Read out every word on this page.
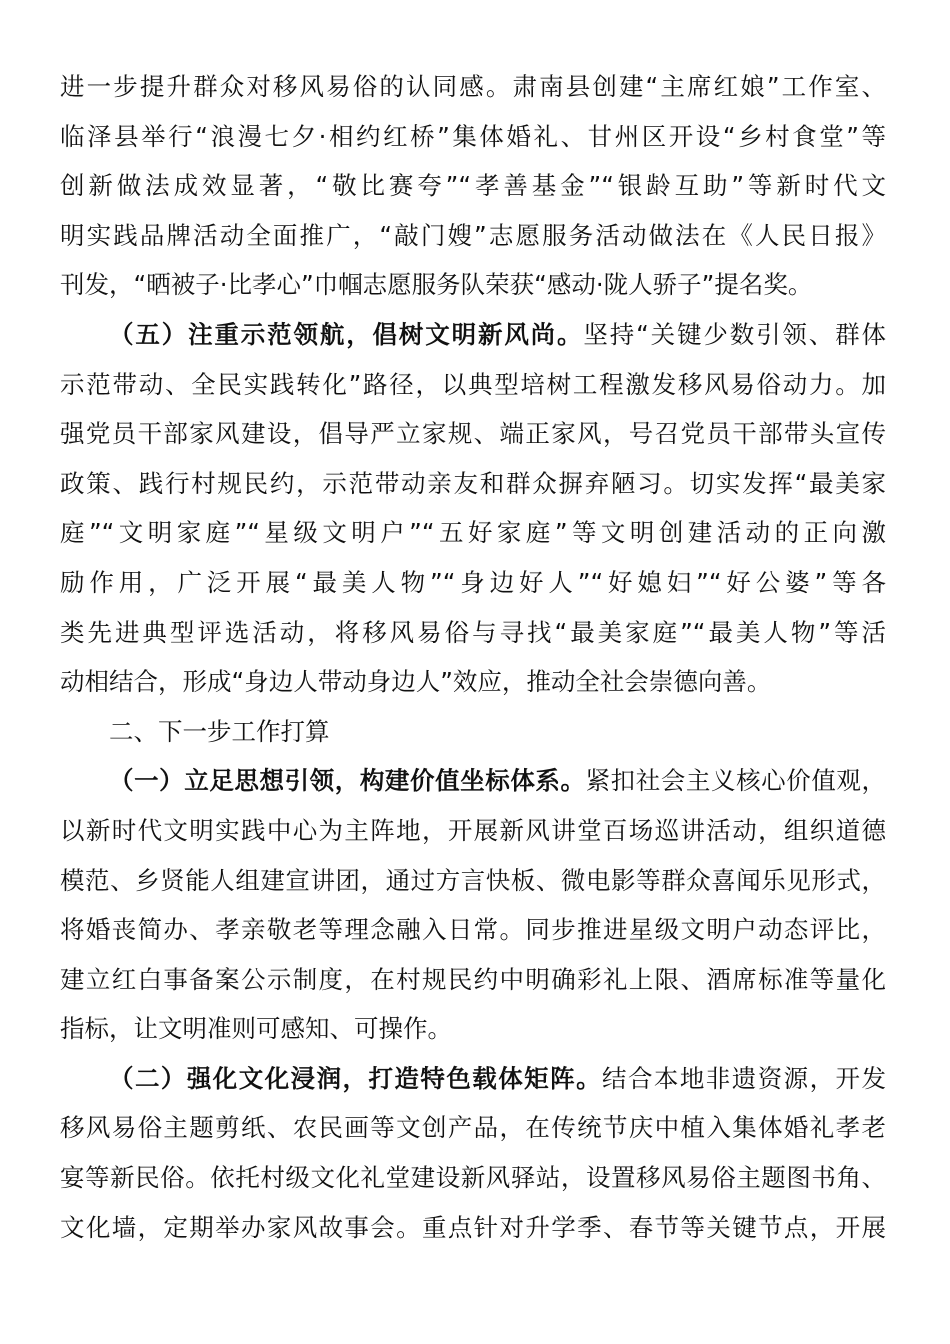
进一步提升群众对移风易俗的认同感。肃南县创建“主席红娘”工作室、
临泽县举行“浪漫七夕·相约红桥”集体婚礼、甘州区开设“乡村食堂”等
创新做法成效显著，“敬比赛夸”“孝善基金”“银龄互助”等新时代文
明实践品牌活动全面推广，“敲门嫂”志愿服务活动做法在《人民日报》
刊发，“晒被子·比孝心”巾帼志愿服务队荣获“感动·陇人骄子”提名奖。
（五）注重示范领航，倡树文明新风尚。坚持“关键少数引领、群体
示范带动、全民实践转化”路径，以典型培树工程激发移风易俗动力。加
强党员干部家风建设，倡导严立家规、端正家风，号召党员干部带头宣传
政策、践行村规民约，示范带动亲友和群众摒弃陋习。切实发挥“最美家
庭”“文明家庭”“星级文明户”“五好家庭”等文明创建活动的正向激
励作用，广泛开展“最美人物”“身边好人”“好媳妇”“好公婆”等各
类先进典型评选活动，将移风易俗与寻找“最美家庭”“最美人物”等活
动相结合，形成“身边人带动身边人”效应，推动全社会崇德向善。
二、下一步工作打算
（一）立足思想引领，构建价值坐标体系。紧扣社会主义核心价值观，
以新时代文明实践中心为主阵地，开展新风讲堂百场巡讲活动，组织道德
模范、乡贤能人组建宣讲团，通过方言快板、微电影等群众喜闻乐见形式，
将婚丧简办、孝亲敬老等理念融入日常。同步推进星级文明户动态评比，
建立红白事备案公示制度，在村规民约中明确彩礼上限、酒席标准等量化
指标，让文明准则可感知、可操作。
（二）强化文化浸润，打造特色载体矩阵。结合本地非遗资源，开发
移风易俗主题剪纸、农民画等文创产品，在传统节庆中植入集体婚礼孝老
宴等新民俗。依托村级文化礼堂建设新风驿站，设置移风易俗主题图书角、
文化墙，定期举办家风故事会。重点针对升学季、春节等关键节点，开展
